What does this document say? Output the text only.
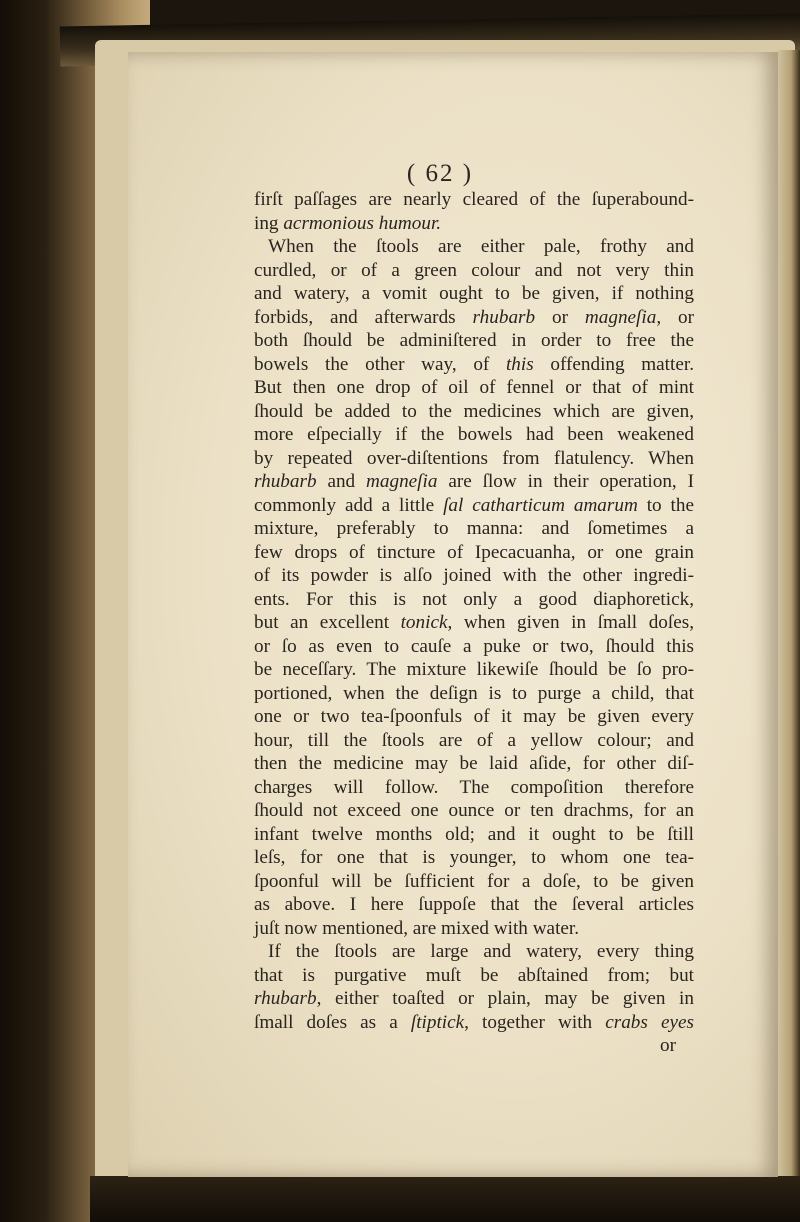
( 62 )
firſt paſſages are nearly cleared of the ſuperabound-
ing acrmonious humour.
When the ſtools are either pale, frothy and
curdled, or of a green colour and not very thin
and watery, a vomit ought to be given, if nothing
forbids, and afterwards rhubarb or magneſia, or
both ſhould be adminiſtered in order to free the
bowels the other way, of this offending matter.
But then one drop of oil of fennel or that of mint
ſhould be added to the medicines which are given,
more eſpecially if the bowels had been weakened
by repeated over-diſtentions from flatulency. When
rhubarb and magneſia are ſlow in their operation, I
commonly add a little ſal catharticum amarum to the
mixture, preferably to manna: and ſometimes a
few drops of tincture of Ipecacuanha, or one grain
of its powder is alſo joined with the other ingredi-
ents. For this is not only a good diaphoretick,
but an excellent tonick, when given in ſmall doſes,
or ſo as even to cauſe a puke or two, ſhould this
be neceſſary. The mixture likewiſe ſhould be ſo pro-
portioned, when the deſign is to purge a child, that
one or two tea-ſpoonfuls of it may be given every
hour, till the ſtools are of a yellow colour; and
then the medicine may be laid aſide, for other diſ-
charges will follow. The compoſition therefore
ſhould not exceed one ounce or ten drachms, for an
infant twelve months old; and it ought to be ſtill
leſs, for one that is younger, to whom one tea-
ſpoonful will be ſufficient for a doſe, to be given
as above. I here ſuppoſe that the ſeveral articles
juſt now mentioned, are mixed with water.
If the ſtools are large and watery, every thing
that is purgative muſt be abſtained from; but
rhubarb, either toaſted or plain, may be given in
ſmall doſes as a ſtiptick, together with crabs eyes
or
